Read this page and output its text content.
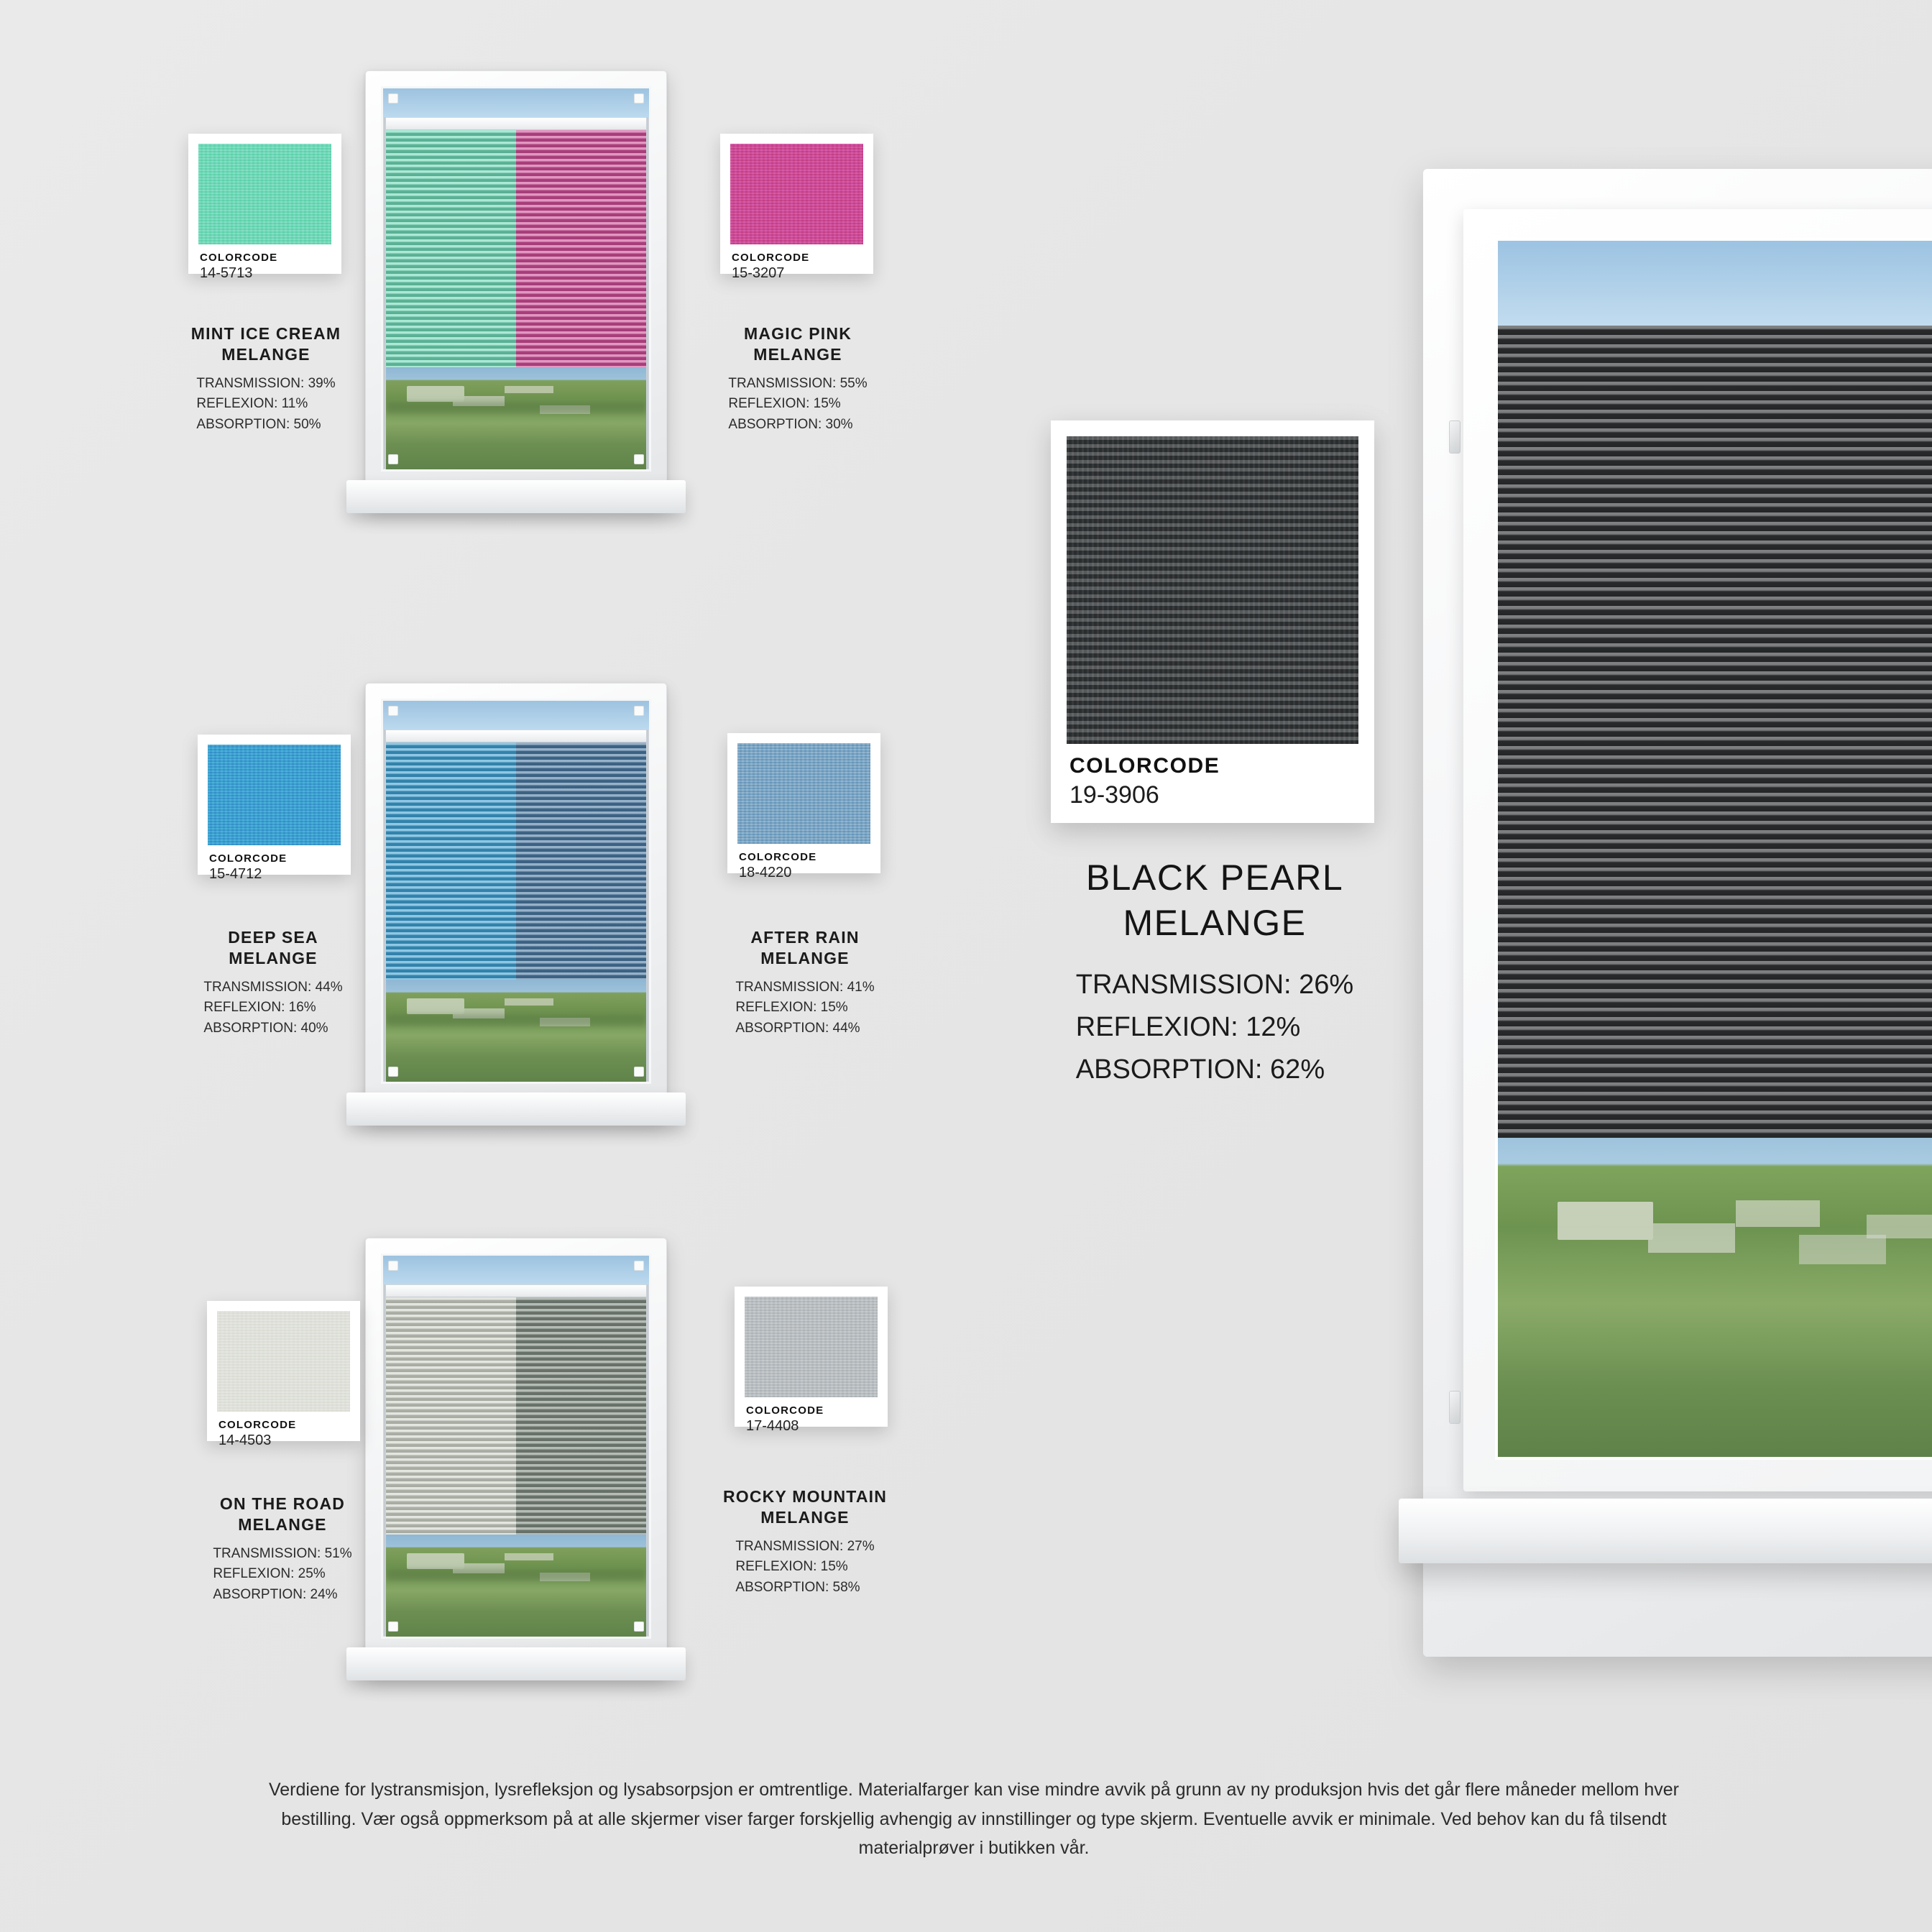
COLORCODE
14-5713
MINT ICE CREAM
MELANGE
TRANSMISSION: 39%
REFLEXION: 11%
ABSORPTION: 50%
COLORCODE
15-3207
MAGIC PINK
MELANGE
TRANSMISSION: 55%
REFLEXION: 15%
ABSORPTION: 30%
COLORCODE
15-4712
DEEP SEA
MELANGE
TRANSMISSION: 44%
REFLEXION: 16%
ABSORPTION: 40%
COLORCODE
18-4220
AFTER RAIN
MELANGE
TRANSMISSION: 41%
REFLEXION: 15%
ABSORPTION: 44%
COLORCODE
14-4503
ON THE ROAD
MELANGE
TRANSMISSION: 51%
REFLEXION: 25%
ABSORPTION: 24%
COLORCODE
17-4408
ROCKY MOUNTAIN
MELANGE
TRANSMISSION: 27%
REFLEXION: 15%
ABSORPTION: 58%
COLORCODE
19-3906
BLACK PEARL
MELANGE
TRANSMISSION: 26%
REFLEXION: 12%
ABSORPTION: 62%
Verdiene for lystransmisjon, lysrefleksjon og lysabsorpsjon er omtrentlige. Materialfarger kan vise mindre avvik på grunn av ny produksjon hvis det går flere måneder mellom hver bestilling. Vær også oppmerksom på at alle skjermer viser farger forskjellig avhengig av innstillinger og type skjerm. Eventuelle avvik er minimale. Ved behov kan du få tilsendt materialprøver i butikken vår.
